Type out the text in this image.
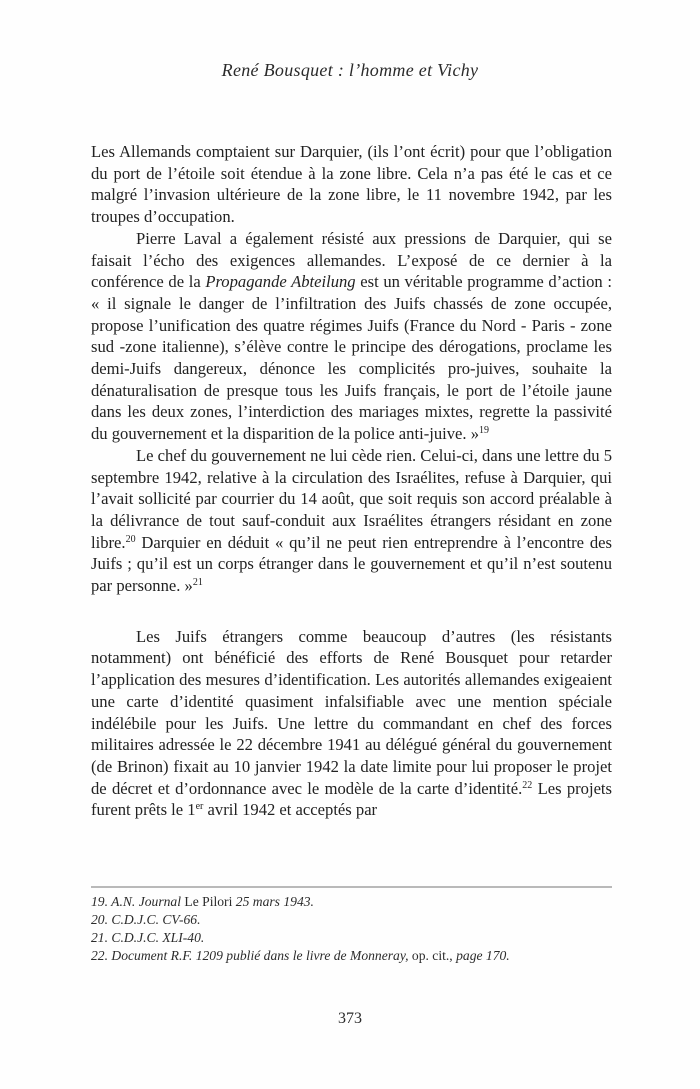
René Bousquet : l’homme et Vichy

Les Allemands comptaient sur Darquier, (ils l’ont écrit) pour que l’obligation du port de l’étoile soit étendue à la zone libre. Cela n’a pas été le cas et ce malgré l’invasion ultérieure de la zone libre, le 11 novembre 1942, par les troupes d’occupation.

Pierre Laval a également résisté aux pressions de Darquier, qui se faisait l’écho des exigences allemandes. L’exposé de ce dernier à la conférence de la Propagande Abteilung est un véritable programme d’action : « il signale le danger de l’infiltration des Juifs chassés de zone occupée, propose l’unification des quatre régimes Juifs (France du Nord - Paris - zone sud -zone italienne), s’élève contre le principe des dérogations, proclame les demi-Juifs dangereux, dénonce les complicités pro-juives, souhaite la dénaturalisation de presque tous les Juifs français, le port de l’étoile jaune dans les deux zones, l’interdiction des mariages mixtes, regrette la passivité du gouvernement et la disparition de la police anti-juive. »$^{19}$

Le chef du gouvernement ne lui cède rien. Celui-ci, dans une lettre du 5 septembre 1942, relative à la circulation des Israélites, refuse à Darquier, qui l’avait sollicité par courrier du 14 août, que soit requis son accord préalable à la délivrance de tout sauf-conduit aux Israélites étrangers résidant en zone libre.$^{20}$ Darquier en déduit « qu’il ne peut rien entreprendre à l’encontre des Juifs ; qu’il est un corps étranger dans le gouvernement et qu’il n’est soutenu par personne. »$^{21}$

Les Juifs étrangers comme beaucoup d’autres (les résistants notamment) ont bénéficié des efforts de René Bousquet pour retarder l’application des mesures d’identification. Les autorités allemandes exigeaient une carte d’identité quasiment infalsifiable avec une mention spéciale indélébile pour les Juifs. Une lettre du commandant en chef des forces militaires adressée le 22 décembre 1941 au délégué général du gouvernement (de Brinon) fixait au 10 janvier 1942 la date limite pour lui proposer le projet de décret et d’ordonnance avec le modèle de la carte d’identité.$^{22}$ Les projets furent prêts le 1er avril 1942 et acceptés par

19. A.N. Journal Le Pilori 25 mars 1943.

20. C.D.J.C. CV-66.

21. C.D.J.C. XLI-40.

22. Document R.F. 1209 publié dans le livre de Monneray, op. cit., page 170.

373
